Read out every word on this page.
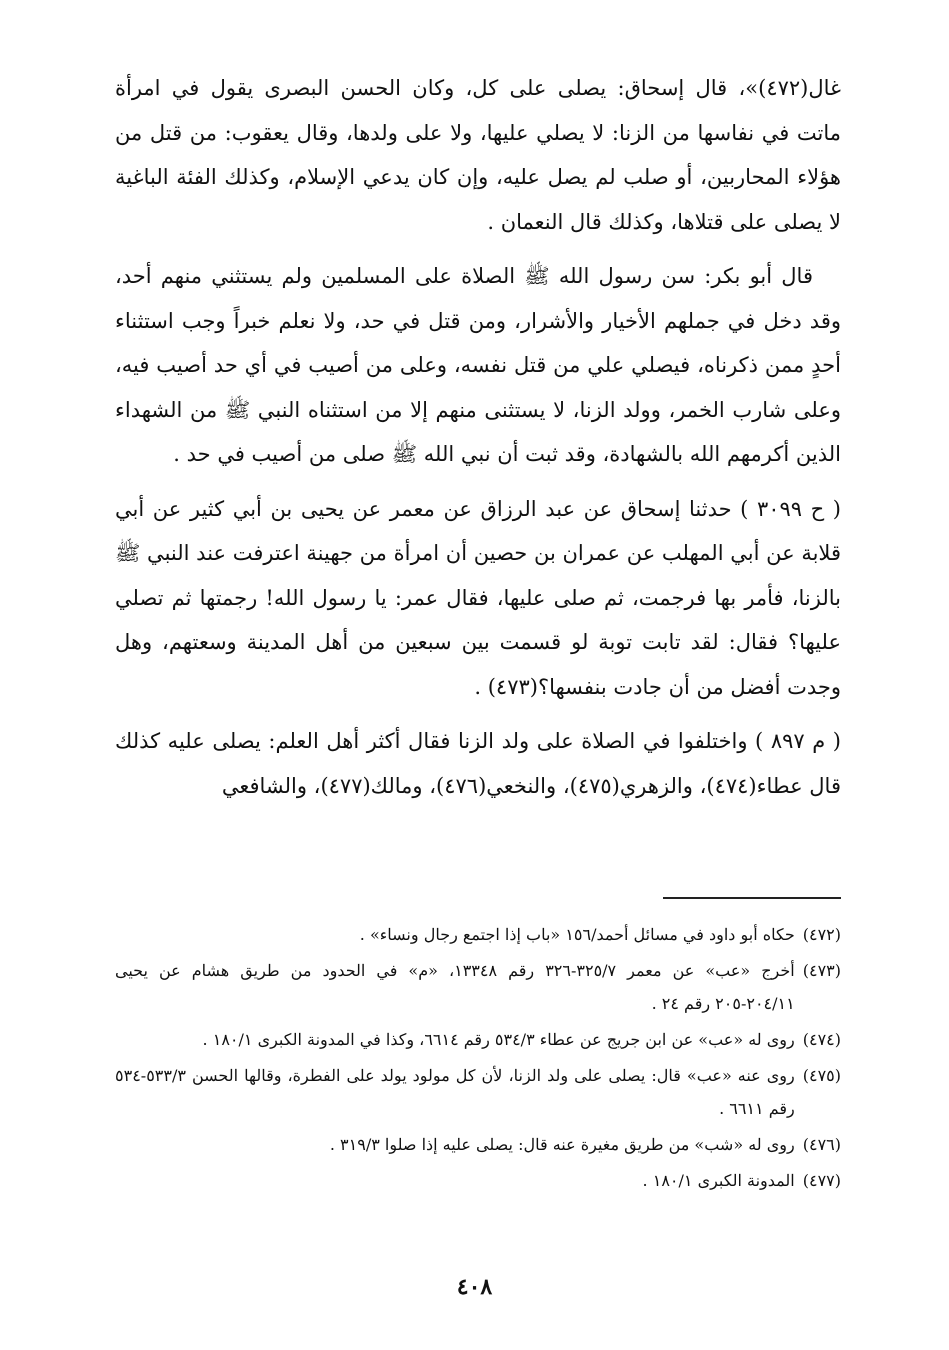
غال(٤٧٢)»، قال إسحاق: يصلى على كل، وكان الحسن البصرى يقول في امرأة ماتت في نفاسها من الزنا: لا يصلي عليها، ولا على ولدها، وقال يعقوب: من قتل من هؤلاء المحاربين، أو صلب لم يصل عليه، وإن كان يدعي الإسلام، وكذلك الفئة الباغية لا يصلى على قتلاها، وكذلك قال النعمان .

قال أبو بكر: سن رسول الله ﷺ الصلاة على المسلمين ولم يستثني منهم أحد، وقد دخل في جملهم الأخيار والأشرار، ومن قتل في حد، ولا نعلم خبراً وجب استثناء أحدٍ ممن ذكرناه، فيصلي علي من قتل نفسه، وعلى من أصيب في أي حد أصيب فيه، وعلى شارب الخمر، وولد الزنا، لا يستثنى منهم إلا من استثناه النبي ﷺ من الشهداء الذين أكرمهم الله بالشهادة، وقد ثبت أن نبي الله ﷺ صلى من أصيب في حد .

( ح ٣٠٩٩ ) حدثنا إسحاق عن عبد الرزاق عن معمر عن يحيى بن أبي كثير عن أبي قلابة عن أبي المهلب عن عمران بن حصين أن امرأة من جهينة اعترفت عند النبي ﷺ بالزنا، فأمر بها فرجمت، ثم صلى عليها، فقال عمر: يا رسول الله! رجمتها ثم تصلي عليها؟ فقال: لقد تابت توبة لو قسمت بين سبعين من أهل المدينة وسعتهم، وهل وجدت أفضل من أن جادت بنفسها؟(٤٧٣) .

( م ٨٩٧ ) واختلفوا في الصلاة على ولد الزنا فقال أكثر أهل العلم: يصلى عليه كذلك قال عطاء(٤٧٤)، والزهري(٤٧٥)، والنخعي(٤٧٦)، ومالك(٤٧٧)، والشافعي

(٤٧٢)
حكاه أبو داود في مسائل أحمد/١٥٦ «باب إذا اجتمع رجال ونساء» .
(٤٧٣)
أخرج «عب» عن معمر ٣٢٥/٧-٣٢٦ رقم ١٣٣٤٨، «م» في الحدود من طريق هشام عن يحيى ٢٠٤/١١-٢٠٥ رقم ٢٤ .
(٤٧٤)
روى له «عب» عن ابن جريج عن عطاء ٥٣٤/٣ رقم ٦٦١٤، وكذا في المدونة الكبرى ١٨٠/١ .
(٤٧٥)
روى عنه «عب» قال: يصلى على ولد الزنا، لأن كل مولود يولد على الفطرة، وقالها الحسن ٥٣٣/٣-٥٣٤ رقم ٦٦١١ .
(٤٧٦)
روى له «شب» من طريق مغيرة عنه قال: يصلى عليه إذا صلوا ٣١٩/٣ .
(٤٧٧)
المدونة الكبرى ١٨٠/١ .
٤٠٨
